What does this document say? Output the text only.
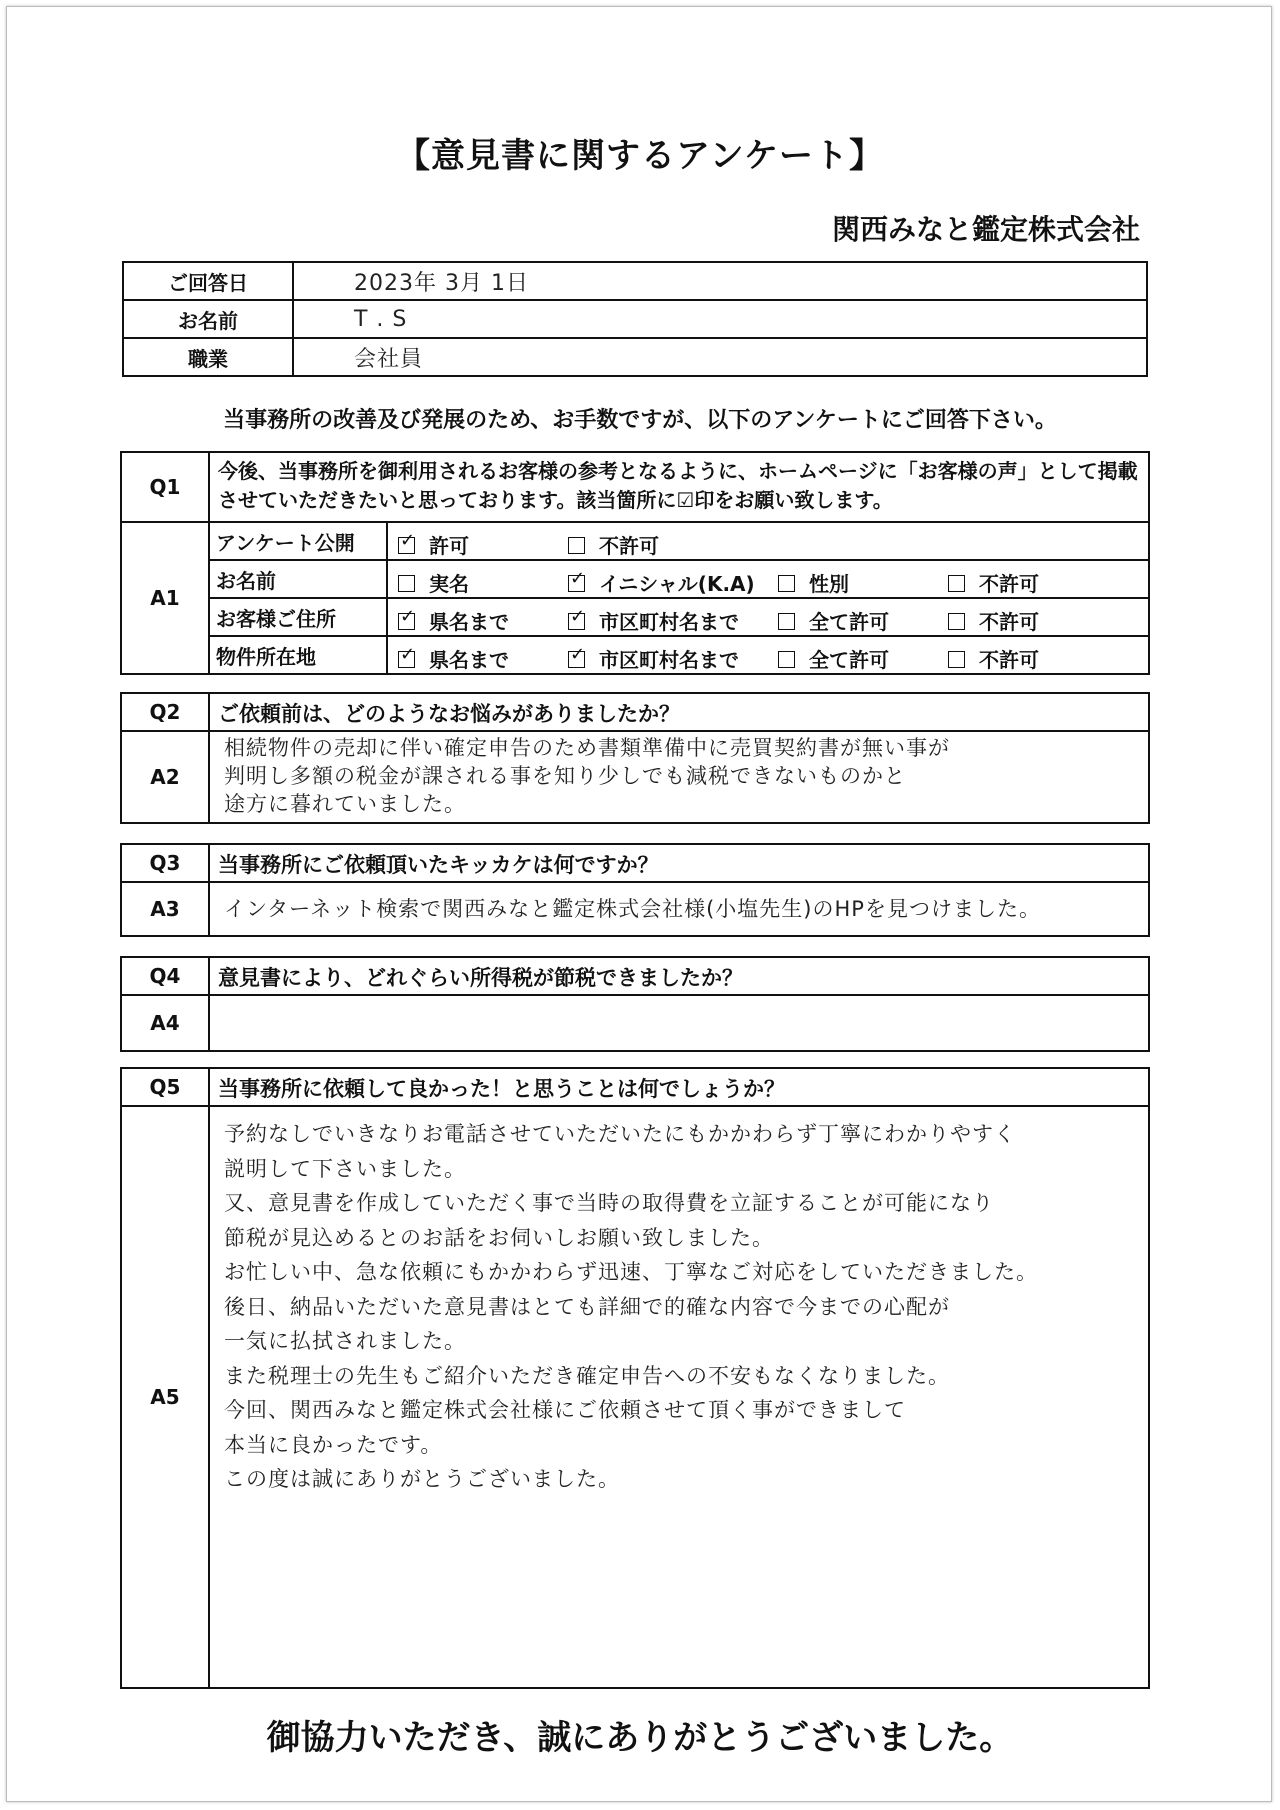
【意見書に関するアンケート】
関西みなと鑑定株式会社
ご回答日	2023年 3月 1日
お名前	T . S
職業	会社員
当事務所の改善及び発展のため、お手数ですが、以下のアンケートにご回答下さい。
Q1
今後、当事務所を御利用されるお客様の参考となるように、ホームページに「お客様の声」として掲載させていただきたいと思っております。該当箇所に☑印をお願い致します。
A1
アンケート公開 ✓	許可	不許可
お名前	実名 ✓	イニシャル(K.A)	性別	不許可
お客様ご住所 ✓	県名まで ✓	市区町村名まで	全て許可	不許可
物件所在地 ✓	県名まで ✓	市区町村名まで	全て許可	不許可
Q2	ご依頼前は、どのようなお悩みがありましたか？
A2
相続物件の売却に伴い確定申告のため書類準備中に売買契約書が無い事が
判明し多額の税金が課される事を知り少しでも減税できないものかと
途方に暮れていました。
Q3	当事務所にご依頼頂いたキッカケは何ですか？
A3	インターネット検索で関西みなと鑑定株式会社様(小塩先生)のHPを見つけました。
Q4	意見書により、どれぐらい所得税が節税できましたか？
A4
Q5	当事務所に依頼して良かった！と思うことは何でしょうか？
A5
予約なしでいきなりお電話させていただいたにもかかわらず丁寧にわかりやすく
説明して下さいました。
又、意見書を作成していただく事で当時の取得費を立証することが可能になり
節税が見込めるとのお話をお伺いしお願い致しました。
お忙しい中、急な依頼にもかかわらず迅速、丁寧なご対応をしていただきました。
後日、納品いただいた意見書はとても詳細で的確な内容で今までの心配が
一気に払拭されました。
また税理士の先生もご紹介いただき確定申告への不安もなくなりました。
今回、関西みなと鑑定株式会社様にご依頼させて頂く事ができまして
本当に良かったです。
この度は誠にありがとうございました。
御協力いただき、誠にありがとうございました。
